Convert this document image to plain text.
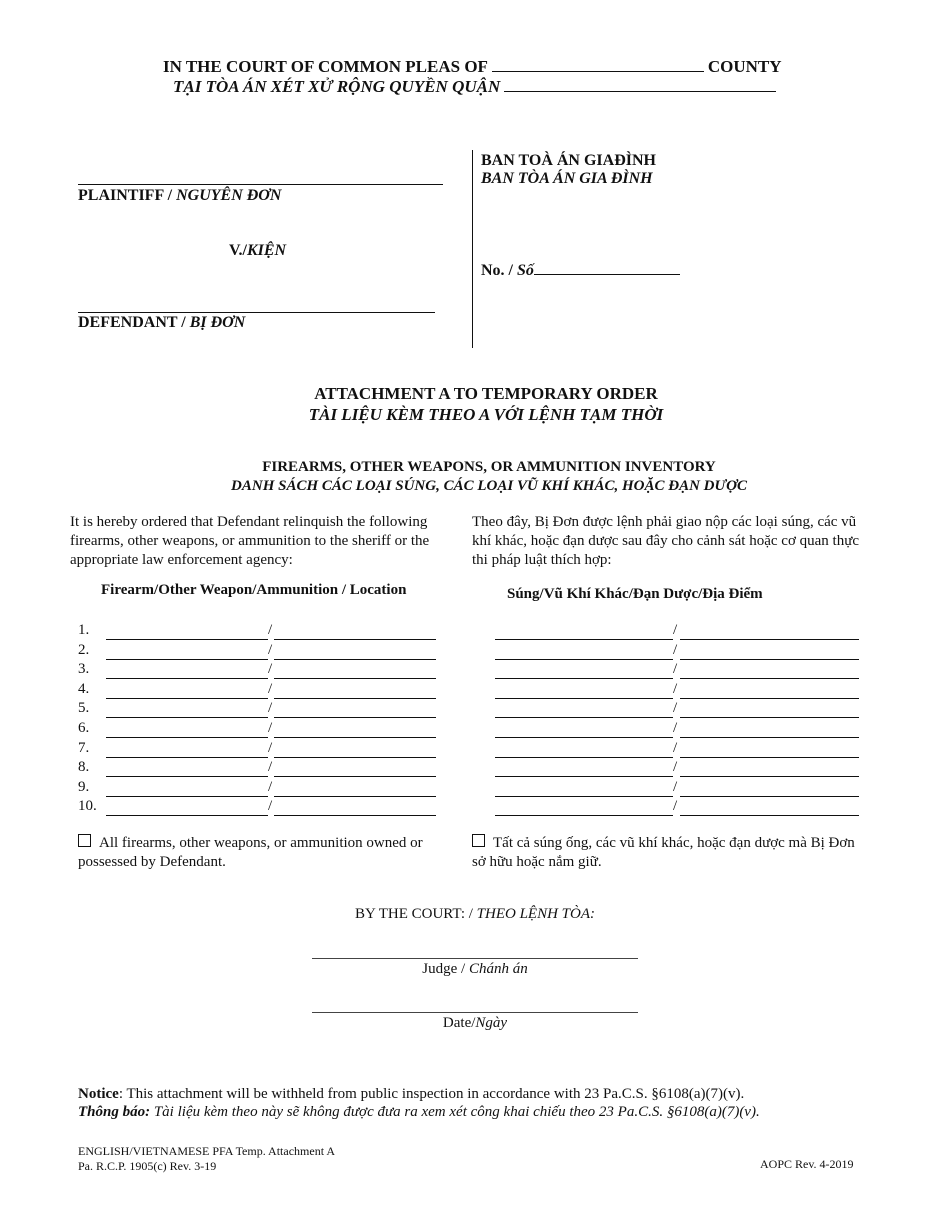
IN THE COURT OF COMMON PLEAS OF	COUNTY
TẠI TÒA ÁN XÉT XỬ RỘNG QUYỀN QUẬN
PLAINTIFF / NGUYÊN ĐƠN
V./KIỆN
DEFENDANT / BỊ ĐƠN
BAN TOÀ ÁN GIAĐÌNH
BAN TÒA ÁN GIA ĐÌNH
No. / Số
ATTACHMENT A TO TEMPORARY ORDER
TÀI LIỆU KÈM THEO A VỚI LỆNH TẠM THỜI
FIREARMS, OTHER WEAPONS, OR AMMUNITION INVENTORY
DANH SÁCH CÁC LOẠI SÚNG, CÁC LOẠI VŨ KHÍ KHÁC, HOẶC ĐẠN DƯỢC
It is hereby ordered that Defendant relinquish the following firearms, other weapons, or ammunition to the sheriff or the appropriate law enforcement agency:
Theo đây, Bị Đơn được lệnh phải giao nộp các loại súng, các vũ khí khác, hoặc đạn dược sau đây cho cảnh sát hoặc cơ quan thực thi pháp luật thích hợp:
Firearm/Other Weapon/Ammunition / Location	Súng/Vũ Khí Khác/Đạn Dược/Địa Điểm
1.	/	/
2.	/	/
3.	/	/
4.	/	/
5.	/	/
6.	/	/
7.	/	/
8.	/	/
9.	/	/
10.	/	/
All firearms, other weapons, or ammunition owned or possessed by Defendant.
Tất cả súng ống, các vũ khí khác, hoặc đạn dược mà Bị Đơn sở hữu hoặc nắm giữ.
BY THE COURT: / THEO LỆNH TÒA:
Judge / Chánh án
Date/Ngày
Notice: This attachment will be withheld from public inspection in accordance with 23 Pa.C.S. §6108(a)(7)(v).
Thông báo: Tài liệu kèm theo này sẽ không được đưa ra xem xét công khai chiếu theo 23 Pa.C.S. §6108(a)(7)(v).
ENGLISH/VIETNAMESE PFA Temp. Attachment A
Pa. R.C.P. 1905(c) Rev. 3-19	AOPC Rev. 4-2019
